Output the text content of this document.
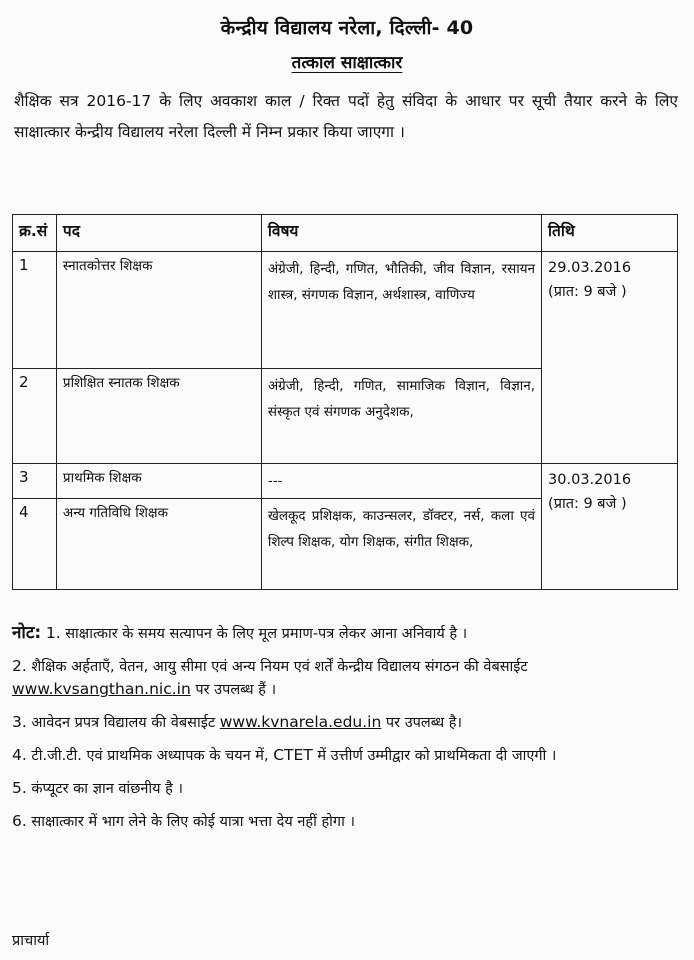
केन्द्रीय विद्यालय नरेला, दिल्ली- 40
तत्काल साक्षात्कार
शैक्षिक सत्र 2016-17 के लिए अवकाश काल / रिक्त पदों हेतु संविदा के आधार पर सूची तैयार करने के लिए साक्षात्कार केन्द्रीय विद्यालय नरेला दिल्ली में निम्न प्रकार किया जाएगा ।
क्र.सं	पद	विषय	तिथि
1	स्नातकोत्तर शिक्षक	अंग्रेजी, हिन्दी, गणित, भौतिकी, जीव विज्ञान, रसायन शास्त्र, संगणक विज्ञान, अर्थशास्त्र, वाणिज्य	29.03.2016
(प्रात: 9 बजे )

2	प्रशिक्षित स्नातक शिक्षक	अंग्रेजी, हिन्दी, गणित, सामाजिक विज्ञान, विज्ञान, संस्कृत एवं संगणक अनुदेशक,	
3	प्राथमिक शिक्षक	---	30.03.2016
(प्रात: 9 बजे )

4	अन्य गतिविधि शिक्षक	खेलकूद प्रशिक्षक, काउन्सलर, डॉक्टर, नर्स, कला एवं शिल्प शिक्षक, योग शिक्षक, संगीत शिक्षक,	
नोट: 1. साक्षात्कार के समय सत्यापन के लिए मूल प्रमाण-पत्र लेकर आना अनिवार्य है ।
2. शैक्षिक अर्हताएँ, वेतन, आयु सीमा एवं अन्य नियम एवं शर्तें केन्द्रीय विद्यालय संगठन की वेबसाईट www.kvsangthan.nic.in पर उपलब्ध हैं ।
3. आवेदन प्रपत्र विद्यालय की वेबसाईट www.kvnarela.edu.in पर उपलब्ध है।
4. टी.जी.टी. एवं प्राथमिक अध्यापक के चयन में, CTET में उत्तीर्ण उम्मीद्वार को प्राथमिकता दी जाएगी ।
5. कंप्यूटर का ज्ञान वांछनीय है ।
6. साक्षात्कार में भाग लेने के लिए कोई यात्रा भत्ता देय नहीं होगा ।
प्राचार्या
